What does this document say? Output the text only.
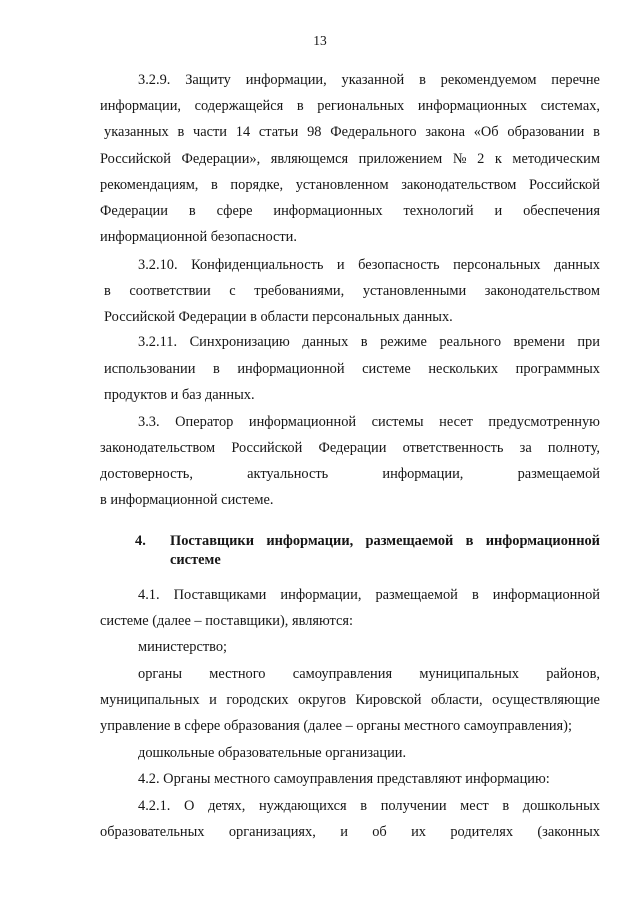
13
3.2.9. Защиту информации, указанной в рекомендуемом перечне
информации, содержащейся в региональных информационных системах,
указанных в части 14 статьи 98 Федерального закона «Об образовании в
Российской Федерации», являющемся приложением № 2 к методическим
рекомендациям, в порядке, установленном законодательством Российской
Федерации в сфере информационных технологий и обеспечения
информационной безопасности.
3.2.10. Конфиденциальность и безопасность персональных данных
в соответствии с требованиями, установленными законодательством
Российской Федерации в области персональных данных.
3.2.11. Синхронизацию данных в режиме реального времени при
использовании в информационной системе нескольких программных
продуктов и баз данных.
3.3. Оператор информационной системы несет предусмотренную
законодательством Российской Федерации ответственность за полноту,
достоверность,	актуальность	информации,	размещаемой
в информационной системе.
4. Поставщики информации, размещаемой в информационной
системе
4.1. Поставщиками информации, размещаемой в информационной
системе (далее – поставщики), являются:
министерство;
органы местного самоуправления муниципальных районов,
муниципальных и городских округов Кировской области, осуществляющие
управление в сфере образования (далее – органы местного самоуправления);
дошкольные образовательные организации.
4.2. Органы местного самоуправления представляют информацию:
4.2.1. О детях, нуждающихся в получении мест в дошкольных
образовательных организациях, и об их родителях (законных
